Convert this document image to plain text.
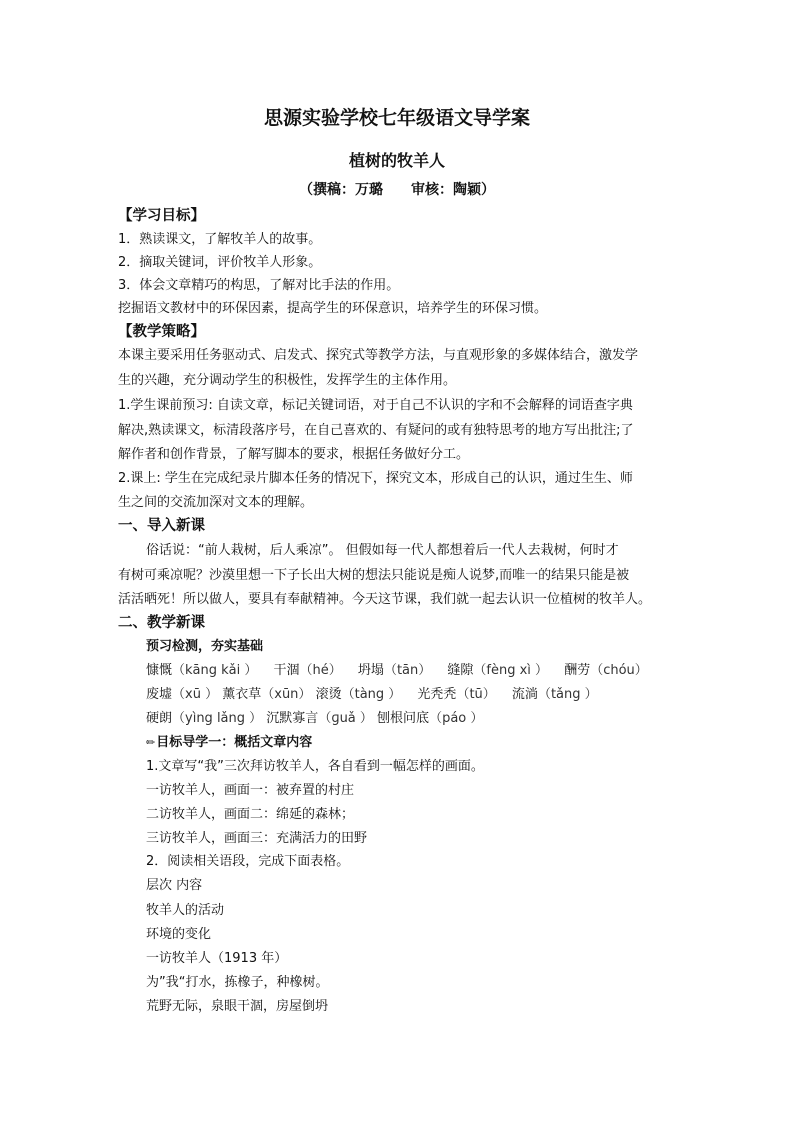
思源实验学校七年级语文导学案
植树的牧羊人
（撰稿：万璐 审核：陶颖）
【学习目标】
1．熟读课文，了解牧羊人的故事。
2．摘取关键词，评价牧羊人形象。
3．体会文章精巧的构思，了解对比手法的作用。
挖掘语文教材中的环保因素，提高学生的环保意识，培养学生的环保习惯。
【教学策略】
本课主要采用任务驱动式、启发式、探究式等教学方法，与直观形象的多媒体结合，激发学
生的兴趣，充分调动学生的积极性，发挥学生的主体作用。
1.学生课前预习: 自读文章，标记关键词语，对于自己不认识的字和不会解释的词语查字典
解决,熟读课文，标清段落序号，在自己喜欢的、有疑问的或有独特思考的地方写出批注;了
解作者和创作背景，了解写脚本的要求，根据任务做好分工。
2.课上: 学生在完成纪录片脚本任务的情况下，探究文本，形成自己的认识，通过生生、师
生之间的交流加深对文本的理解。
一、导入新课
俗话说：“前人栽树，后人乘凉”。 但假如每一代人都想着后一代人去栽树，何时才
有树可乘凉呢？沙漠里想一下子长出大树的想法只能说是痴人说梦,而唯一的结果只能是被
活活晒死！所以做人，要具有奉献精神。今天这节课，我们就一起去认识一位植树的牧羊人。
二、教学新课
预习检测，夯实基础
慷慨（kāng kǎi ） 干涸（hé） 坍塌（tān） 缝隙（fèng xì ） 酬劳（chóu）
废墟（xū ） 薰衣草（xūn） 滚烫（tàng ） 光秃秃（tū） 流淌（tǎng ）
硬朗（yìng lǎng ） 沉默寡言（ɡuǎ ） 刨根问底（páo ）
✏目标导学一：概括文章内容
1.文章写“我”三次拜访牧羊人，各自看到一幅怎样的画面。
一访牧羊人，画面一：被弃置的村庄
二访牧羊人，画面二：绵延的森林；
三访牧羊人，画面三：充满活力的田野
2．阅读相关语段，完成下面表格。
层次 内容
牧羊人的活动
环境的变化
一访牧羊人（1913 年）
为”我“打水，拣橡子，种橡树。
荒野无际，泉眼干涸，房屋倒坍
